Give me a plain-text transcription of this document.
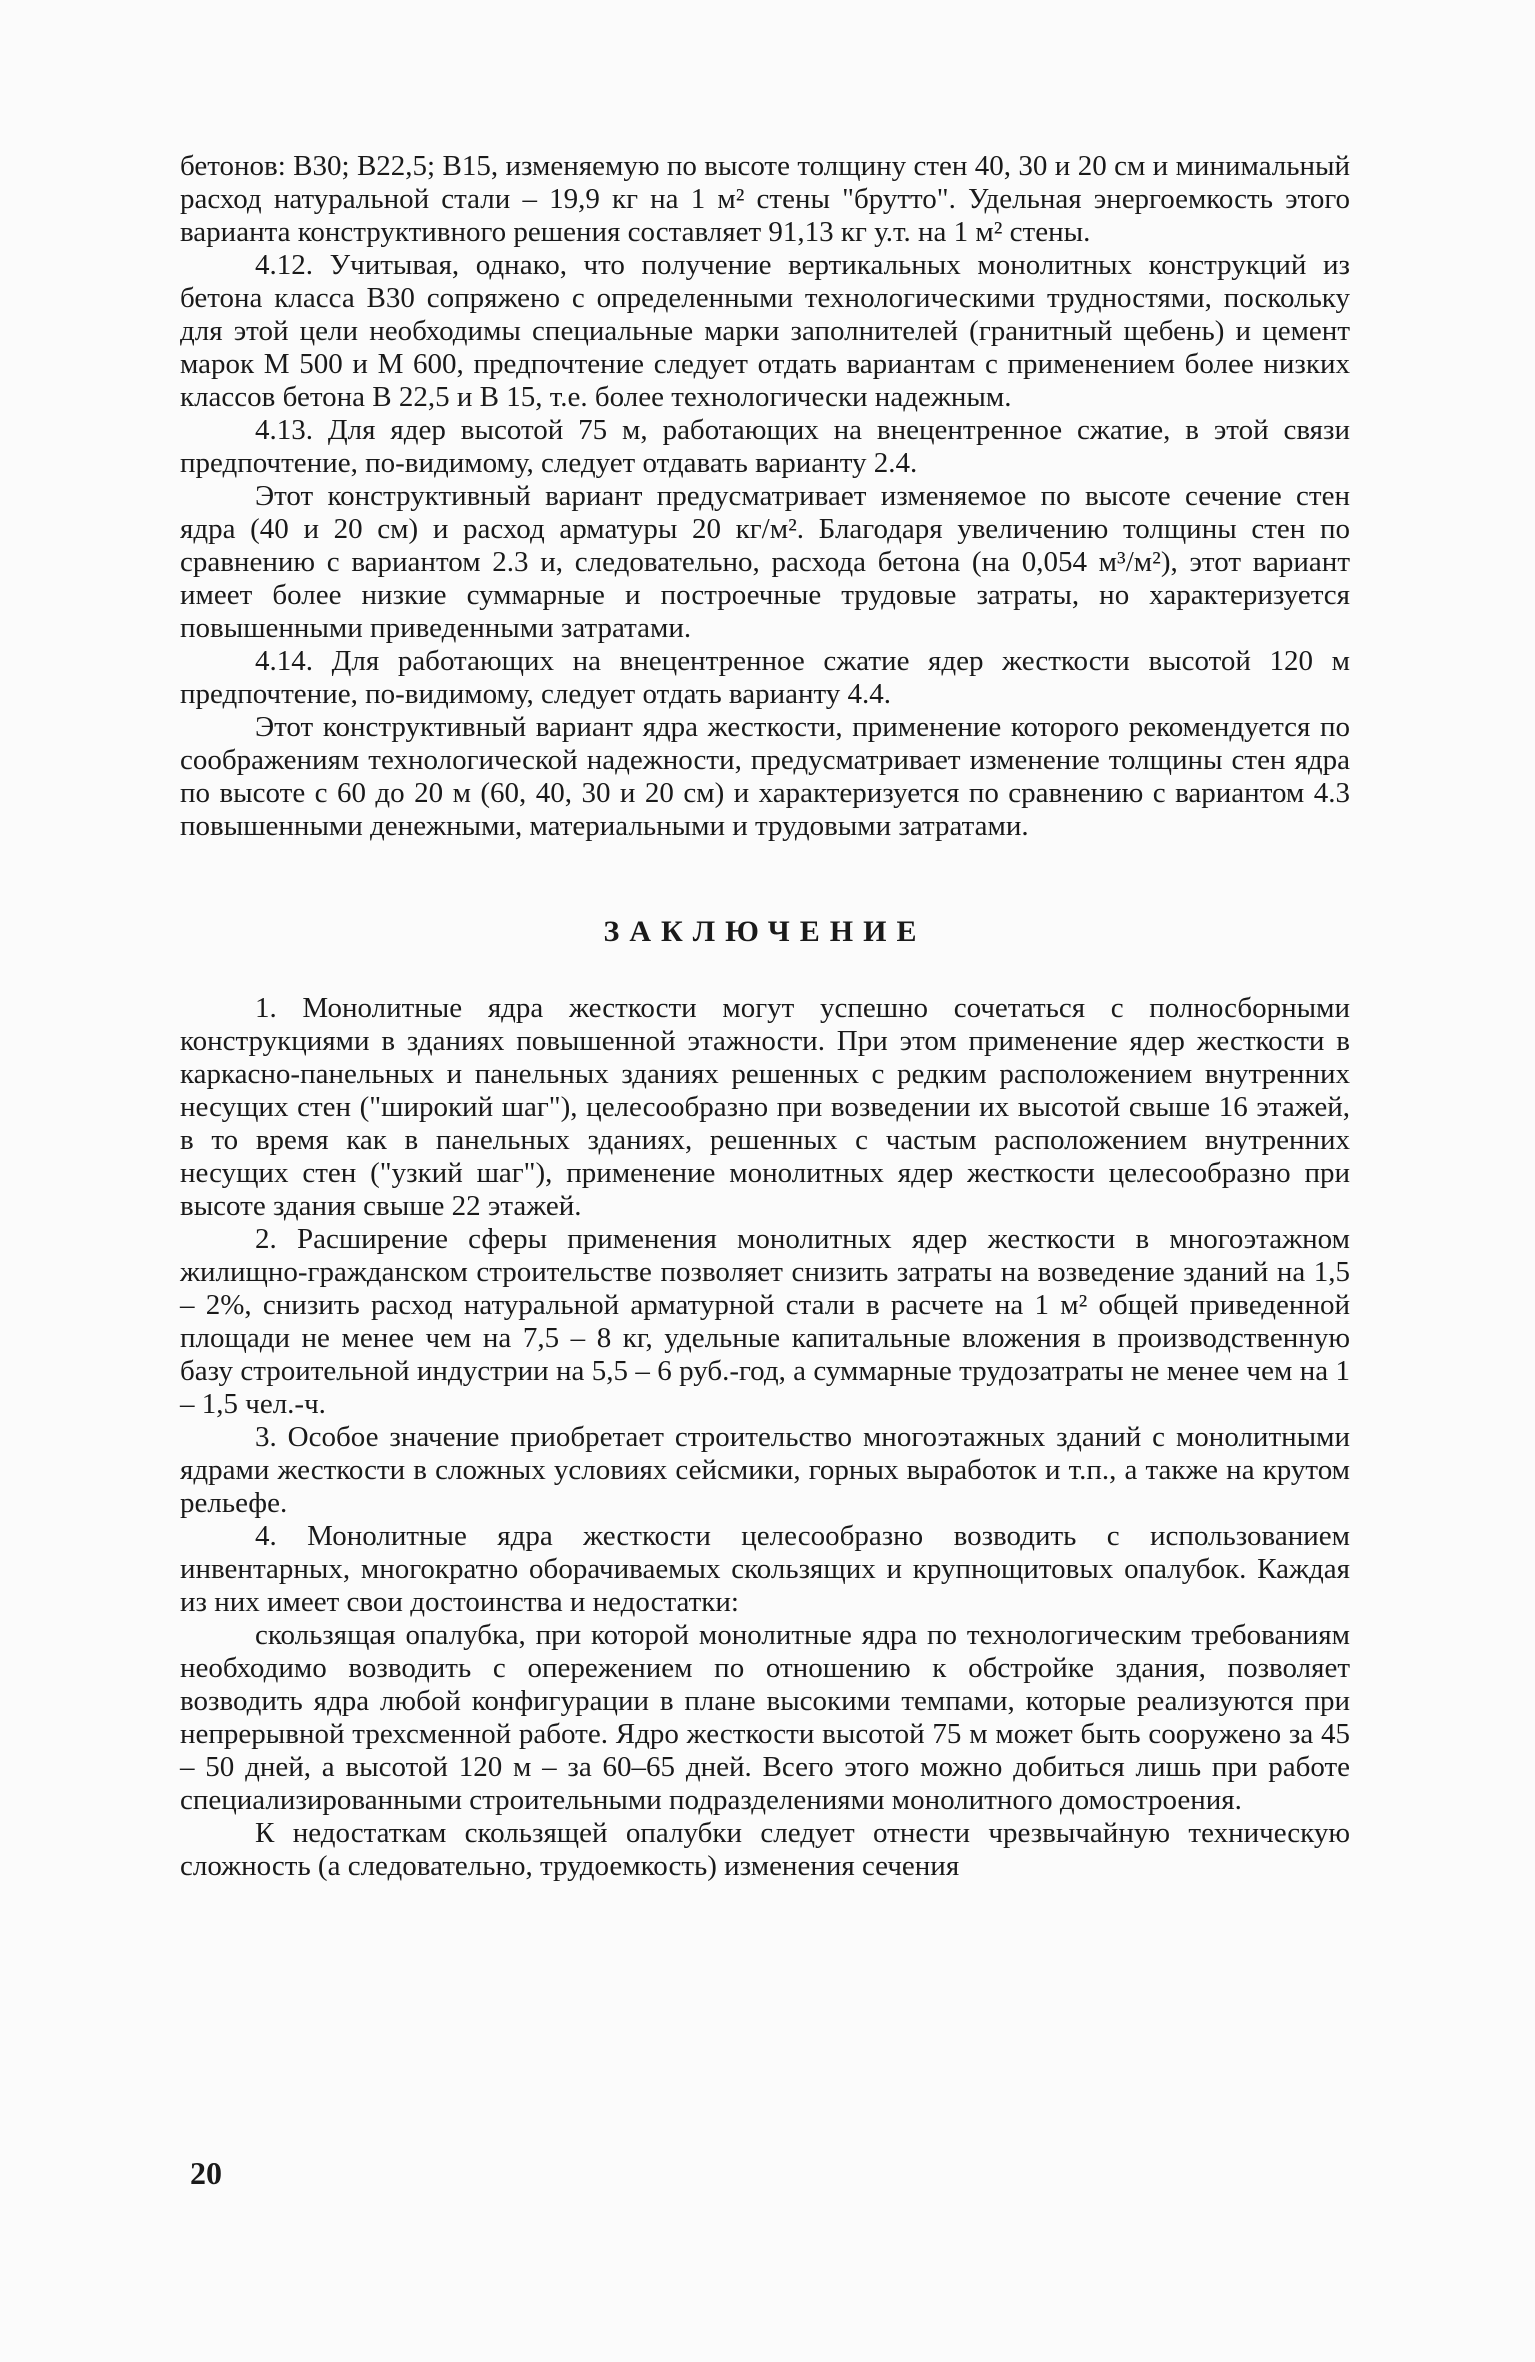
бетонов: В30; В22,5; В15, изменяемую по высоте толщину стен 40, 30 и 20 см и минимальный расход натуральной стали – 19,9 кг на 1 м² стены "брутто". Удельная энергоемкость этого варианта конструктивного решения составляет 91,13 кг у.т. на 1 м² стены.

4.12. Учитывая, однако, что получение вертикальных монолитных конструкций из бетона класса В30 сопряжено с определенными технологическими трудностями, поскольку для этой цели необходимы специальные марки заполнителей (гранитный щебень) и цемент марок М 500 и М 600, предпочтение следует отдать вариантам с применением более низких классов бетона В 22,5 и В 15, т.е. более технологически надежным.

4.13. Для ядер высотой 75 м, работающих на внецентренное сжатие, в этой связи предпочтение, по-видимому, следует отдавать варианту 2.4.

Этот конструктивный вариант предусматривает изменяемое по высоте сечение стен ядра (40 и 20 см) и расход арматуры 20 кг/м². Благодаря увеличению толщины стен по сравнению с вариантом 2.3 и, следовательно, расхода бетона (на 0,054 м³/м²), этот вариант имеет более низкие суммарные и построечные трудовые затраты, но характеризуется повышенными приведенными затратами.

4.14. Для работающих на внецентренное сжатие ядер жесткости высотой 120 м предпочтение, по-видимому, следует отдать варианту 4.4.

Этот конструктивный вариант ядра жесткости, применение которого рекомендуется по соображениям технологической надежности, предусматривает изменение толщины стен ядра по высоте с 60 до 20 м (60, 40, 30 и 20 см) и характеризуется по сравнению с вариантом 4.3 повышенными денежными, материальными и трудовыми затратами.

ЗАКЛЮЧЕНИЕ

1. Монолитные ядра жесткости могут успешно сочетаться с полносборными конструкциями в зданиях повышенной этажности. При этом применение ядер жесткости в каркасно-панельных и панельных зданиях решенных с редким расположением внутренних несущих стен ("широкий шаг"), целесообразно при возведении их высотой свыше 16 этажей, в то время как в панельных зданиях, решенных с частым расположением внутренних несущих стен ("узкий шаг"), применение монолитных ядер жесткости целесообразно при высоте здания свыше 22 этажей.

2. Расширение сферы применения монолитных ядер жесткости в многоэтажном жилищно-гражданском строительстве позволяет снизить затраты на возведение зданий на 1,5 – 2%, снизить расход натуральной арматурной стали в расчете на 1 м² общей приведенной площади не менее чем на 7,5 – 8 кг, удельные капитальные вложения в производственную базу строительной индустрии на 5,5 – 6 руб.-год, а суммарные трудозатраты не менее чем на 1 – 1,5 чел.-ч.

3. Особое значение приобретает строительство многоэтажных зданий с монолитными ядрами жесткости в сложных условиях сейсмики, горных выработок и т.п., а также на крутом рельефе.

4. Монолитные ядра жесткости целесообразно возводить с использованием инвентарных, многократно оборачиваемых скользящих и крупнощитовых опалубок. Каждая из них имеет свои достоинства и недостатки:

скользящая опалубка, при которой монолитные ядра по технологическим требованиям необходимо возводить с опережением по отношению к обстройке здания, позволяет возводить ядра любой конфигурации в плане высокими темпами, которые реализуются при непрерывной трехсменной работе. Ядро жесткости высотой 75 м может быть сооружено за 45 – 50 дней, а высотой 120 м – за 60–65 дней. Всего этого можно добиться лишь при работе специализированными строительными подразделениями монолитного домостроения.

К недостаткам скользящей опалубки следует отнести чрезвычайную техническую сложность (а следовательно, трудоемкость) изменения сечения

20
